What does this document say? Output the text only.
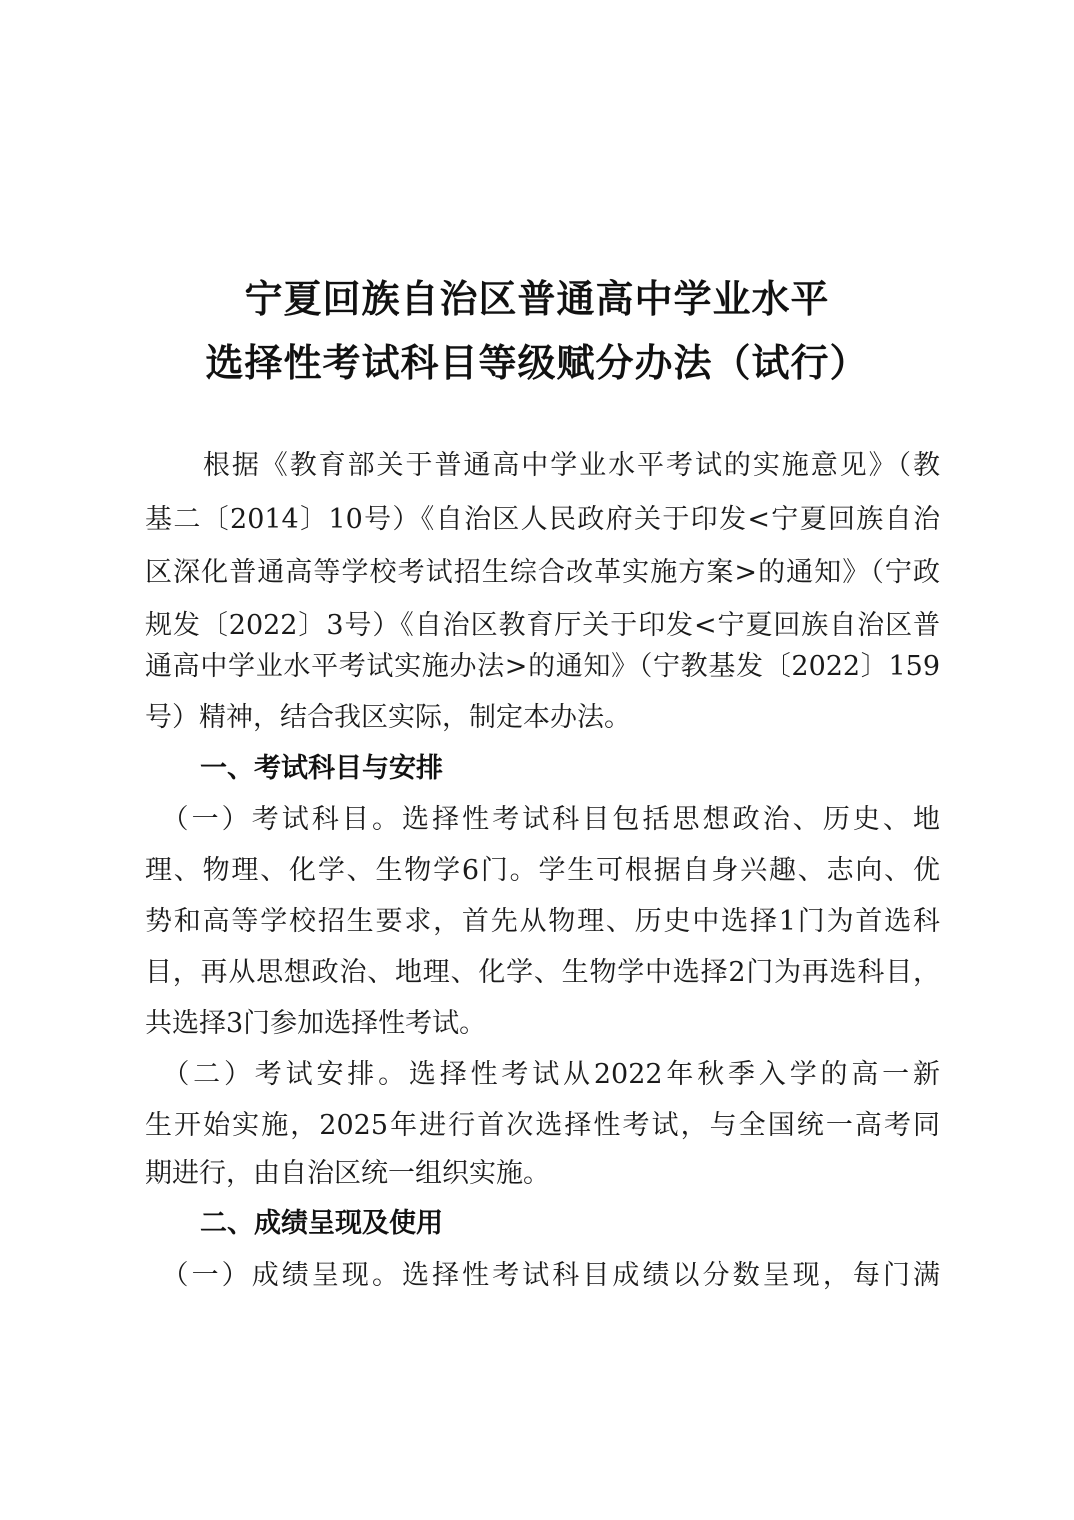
宁夏回族自治区普通高中学业水平
选择性考试科目等级赋分办法（试行）
　　根据《教育部关于普通高中学业水平考试的实施意见》（教
基二〔2014〕10号）《自治区人民政府关于印发<宁夏回族自治
区深化普通高等学校考试招生综合改革实施方案>的通知》（宁政
规发〔2022〕3号）《自治区教育厅关于印发<宁夏回族自治区普
通高中学业水平考试实施办法>的通知》（宁教基发〔2022〕159
号）精神，结合我区实际，制定本办法。
一、考试科目与安排
　（一）考试科目。选择性考试科目包括思想政治、历史、地
理、物理、化学、生物学6门。学生可根据自身兴趣、志向、优
势和高等学校招生要求，首先从物理、历史中选择1门为首选科
目，再从思想政治、地理、化学、生物学中选择2门为再选科目，
共选择3门参加选择性考试。
　（二）考试安排。选择性考试从2022年秋季入学的高一新
生开始实施，2025年进行首次选择性考试，与全国统一高考同
期进行，由自治区统一组织实施。
二、成绩呈现及使用
　（一）成绩呈现。选择性考试科目成绩以分数呈现，每门满
